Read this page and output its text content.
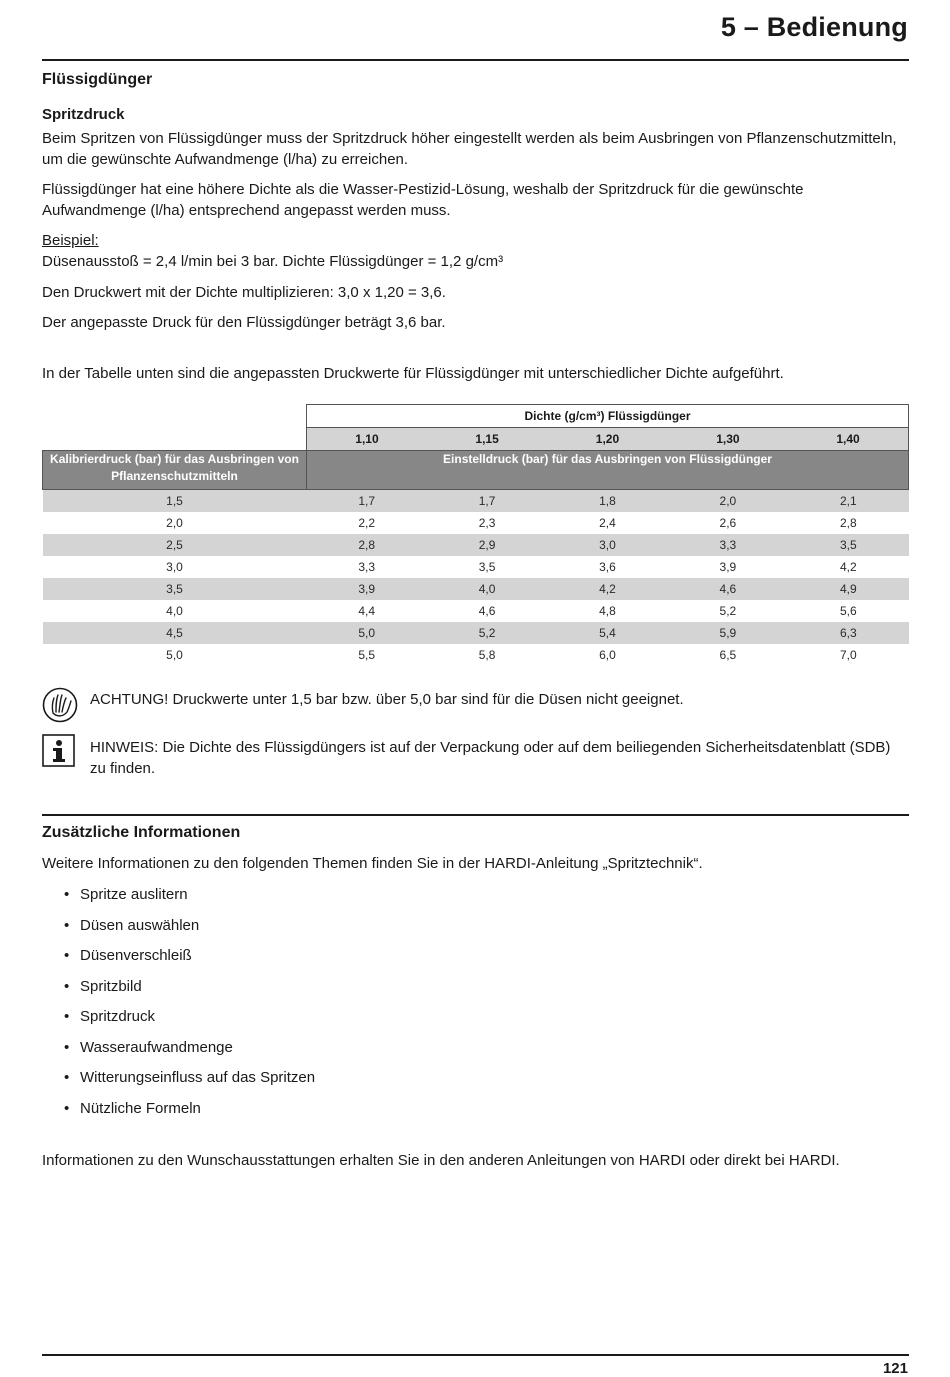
5 – Bedienung
Flüssigdünger
Spritzdruck

Beim Spritzen von Flüssigdünger muss der Spritzdruck höher eingestellt werden als beim Ausbringen von Pflanzenschutzmitteln, um die gewünschte Aufwandmenge (l/ha) zu erreichen.

Flüssigdünger hat eine höhere Dichte als die Wasser-Pestizid-Lösung, weshalb der Spritzdruck für die gewünschte Aufwandmenge (l/ha) entsprechend angepasst werden muss.

Beispiel:

Düsenausstoß = 2,4 l/min bei 3 bar. Dichte Flüssigdünger = 1,2 g/cm³

Den Druckwert mit der Dichte multiplizieren: 3,0 x 1,20 = 3,6.

Der angepasste Druck für den Flüssigdünger beträgt 3,6 bar.

In der Tabelle unten sind die angepassten Druckwerte für Flüssigdünger mit unterschiedlicher Dichte aufgeführt.

	Dichte (g/cm³) Flüssigdünger				
	1,10	1,15	1,20	1,30	1,40
Kalibrierdruck (bar) für das Ausbringen von Pflanzenschutzmitteln	Einstelldruck (bar) für das Ausbringen von Flüssigdünger				
1,5	1,7	1,7	1,8	2,0	2,1
2,0	2,2	2,3	2,4	2,6	2,8
2,5	2,8	2,9	3,0	3,3	3,5
3,0	3,3	3,5	3,6	3,9	4,2
3,5	3,9	4,0	4,2	4,6	4,9
4,0	4,4	4,6	4,8	5,2	5,6
4,5	5,0	5,2	5,4	5,9	6,3
5,0	5,5	5,8	6,0	6,5	7,0
ACHTUNG! Druckwerte unter 1,5 bar bzw. über 5,0 bar sind für die Düsen nicht geeignet.
HINWEIS: Die Dichte des Flüssigdüngers ist auf der Verpackung oder auf dem beiliegenden Sicherheitsdatenblatt (SDB) zu finden.
Zusätzliche Informationen

Weitere Informationen zu den folgenden Themen finden Sie in der HARDI-Anleitung „Spritztechnik“.

• Spritze auslitern
• Düsen auswählen
• Düsenverschleiß
• Spritzbild
• Spritzdruck
• Wasseraufwandmenge
• Witterungseinfluss auf das Spritzen
• Nützliche Formeln

Informationen zu den Wunschausstattungen erhalten Sie in den anderen Anleitungen von HARDI oder direkt bei HARDI.

121
